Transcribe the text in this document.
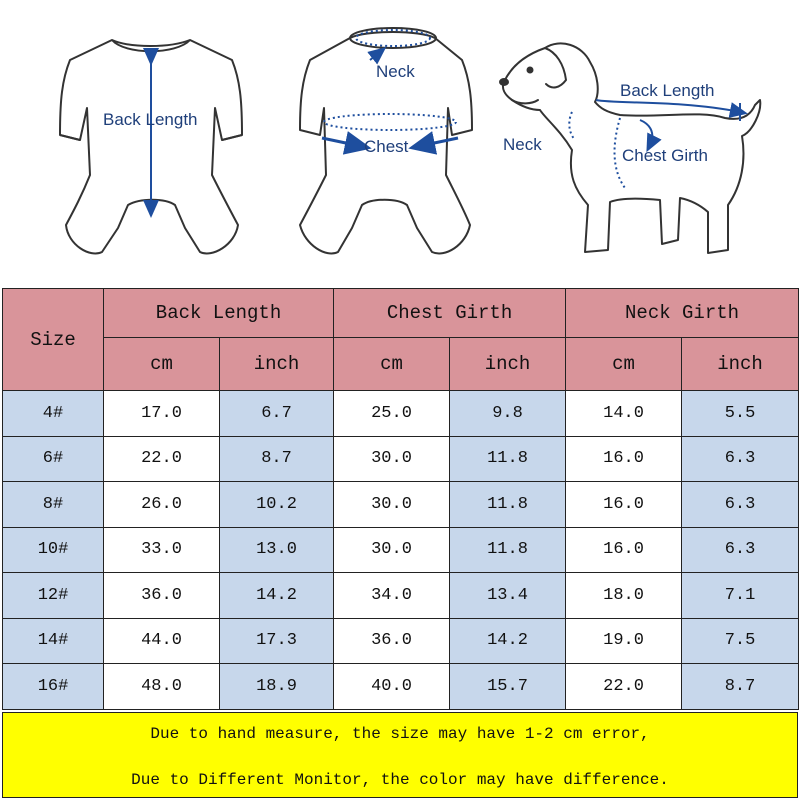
Back Length
Neck
Chest
Back Length
Neck
Chest Girth
Size	Back Length		Chest Girth		Neck Girth	
	cm	inch	cm	inch	cm	inch
4#	17.0	6.7	25.0	9.8	14.0	5.5
6#	22.0	8.7	30.0	11.8	16.0	6.3
8#	26.0	10.2	30.0	11.8	16.0	6.3
10#	33.0	13.0	30.0	11.8	16.0	6.3
12#	36.0	14.2	34.0	13.4	18.0	7.1
14#	44.0	17.3	36.0	14.2	19.0	7.5
16#	48.0	18.9	40.0	15.7	22.0	8.7

Due to hand measure, the size may have 1-2 cm error,

Due to Different Monitor, the color may have difference.
